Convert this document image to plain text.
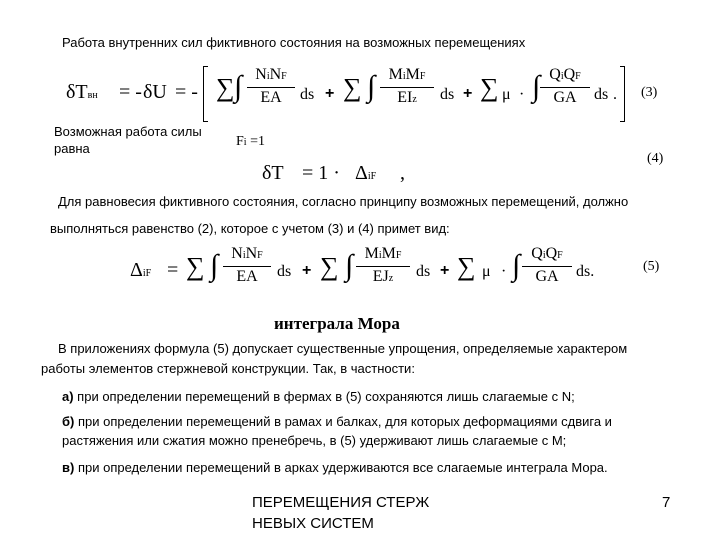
Работа внутренних сил фиктивного состояния на возможных перемещениях
δTвн = - δU = - ∑ ∫ NiNF
EA	ds + ∑ ∫ MiMF
EIz	ds + ∑ μ · ∫ QiQF
GA	ds . (3)
Возможная работа силы
равна	Fi =1
δT = 1 · ΔiF ,
(4)
Для равновесия фиктивного состояния, согласно принципу возможных перемещений, должно
выполняться равенство (2), которое с учетом (3) и (4) примет вид:
ΔiF = ∑ ∫ NiNF
EA	ds + ∑ ∫ MiMF
EJz	ds + ∑ μ · ∫ QiQF
GA	ds.	(5)
интеграла Мора
В приложениях формула (5) допускает существенные упрощения, определяемые характером
работы элементов стержневой конструкции. Так, в частности:
а) при определении перемещений в фермах в (5) сохраняются лишь слагаемые с N;
б) при определении перемещений в рамах и балках, для которых деформациями сдвига и
растяжения или сжатия можно пренебречь, в (5) удерживают лишь слагаемые с M;
в) при определении перемещений в арках удерживаются все слагаемые интеграла Мора.
ПЕРЕМЕЩЕНИЯ СТЕРЖ
НЕВЫХ СИСТЕМ
7
